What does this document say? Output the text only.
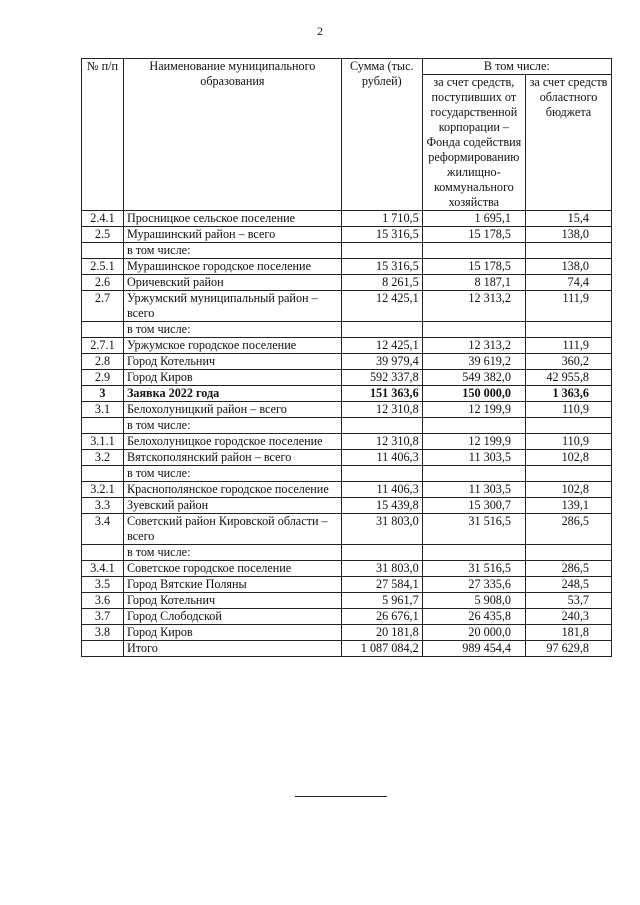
2
№ п/п	Наименование муниципального образования	Сумма (тыс. рублей)	В том числе:	
			за счет средств, поступивших от государственной корпорации – Фонда содействия реформированию жилищно-коммунального хозяйства	за счет средств областного бюджета
2.4.1	Просницкое сельское поселение	1 710,5	1 695,1	15,4
2.5	Мурашинский район – всего	15 316,5	15 178,5	138,0
	в том числе:			
2.5.1	Мурашинское городское поселение	15 316,5	15 178,5	138,0
2.6	Оричевский район	8 261,5	8 187,1	74,4
2.7	Уржумский муниципальный район – всего	12 425,1	12 313,2	111,9
	в том числе:			
2.7.1	Уржумское городское поселение	12 425,1	12 313,2	111,9
2.8	Город Котельнич	39 979,4	39 619,2	360,2
2.9	Город Киров	592 337,8	549 382,0	42 955,8
3	Заявка 2022 года	151 363,6	150 000,0	1 363,6
3.1	Белохолуницкий район – всего	12 310,8	12 199,9	110,9
	в том числе:			
3.1.1	Белохолуницкое городское поселение	12 310,8	12 199,9	110,9
3.2	Вятскополянский район – всего	11 406,3	11 303,5	102,8
	в том числе:			
3.2.1	Краснополянское городское поселение	11 406,3	11 303,5	102,8
3.3	Зуевский район	15 439,8	15 300,7	139,1
3.4	Советский район Кировской области – всего	31 803,0	31 516,5	286,5
	в том числе:			
3.4.1	Советское городское поселение	31 803,0	31 516,5	286,5
3.5	Город Вятские Поляны	27 584,1	27 335,6	248,5
3.6	Город Котельнич	5 961,7	5 908,0	53,7
3.7	Город Слободской	26 676,1	26 435,8	240,3
3.8	Город Киров	20 181,8	20 000,0	181,8
	Итого	1 087 084,2	989 454,4	97 629,8
